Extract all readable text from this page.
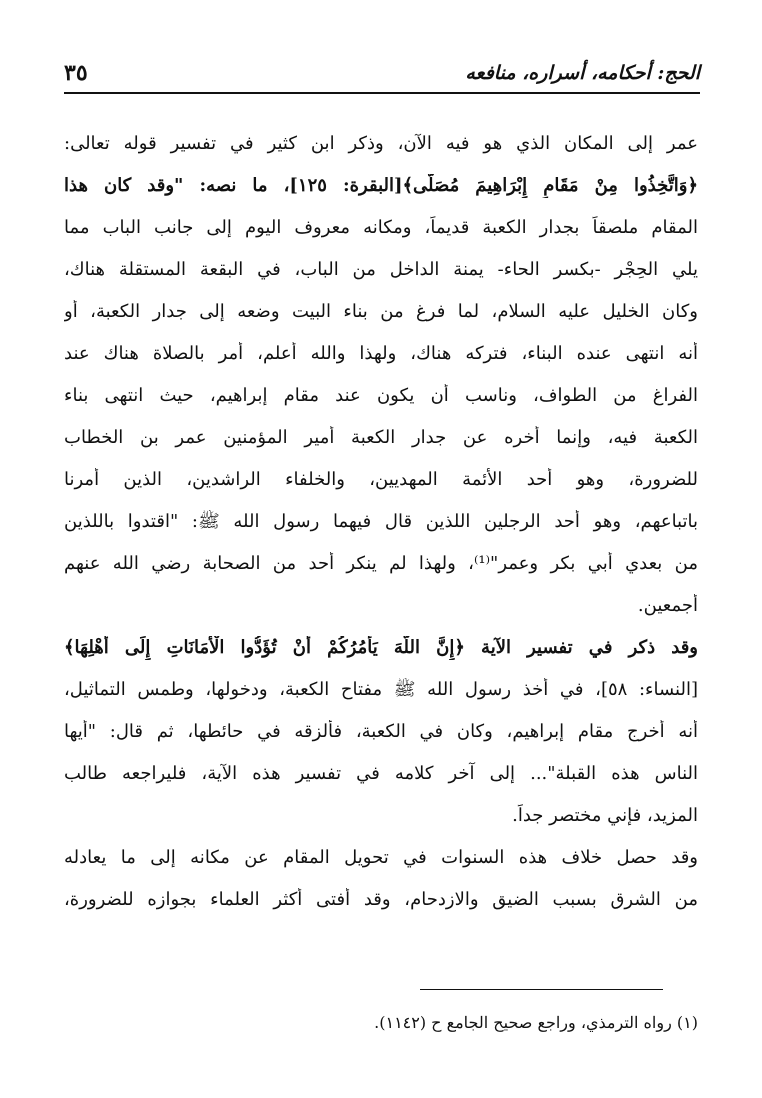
الحج: أحكامه، أسراره، منافعه
٣٥
عمر إلى المكان الذي هو فيه الآن، وذكر ابن كثير في تفسير قوله تعالى:
﴿وَاتَّخِذُوا مِنْ مَقَامِ إِبْرَاهِيمَ مُصَلًّى﴾[البقرة: ١٢٥]، ما نصه: "وقد كان هذا
المقام ملصقاً بجدار الكعبة قديماً، ومكانه معروف اليوم إلى جانب الباب مما
يلي الحِجْر -بكسر الحاء- يمنة الداخل من الباب، في البقعة المستقلة هناك،
وكان الخليل عليه السلام، لما فرغ من بناء البيت وضعه إلى جدار الكعبة، أو
أنه انتهى عنده البناء، فتركه هناك، ولهذا والله أعلم، أمر بالصلاة هناك عند
الفراغ من الطواف، وناسب أن يكون عند مقام إبراهيم، حيث انتهى بناء
الكعبة فيه، وإنما أخره عن جدار الكعبة أمير المؤمنين عمر بن الخطاب
للضرورة، وهو أحد الأئمة المهديين، والخلفاء الراشدين، الذين أمرنا
باتباعهم، وهو أحد الرجلين اللذين قال فيهما رسول الله ﷺ: "اقتدوا باللذين
من بعدي أبي بكر وعمر"⁽¹⁾، ولهذا لم ينكر أحد من الصحابة رضي الله عنهم
أجمعين.
وقد ذكر في تفسير الآية ﴿إِنَّ اللَّهَ يَأْمُرُكُمْ أَنْ تُؤَدُّوا الْأَمَانَاتِ إِلَى أَهْلِهَا﴾
[النساء: ٥٨]، في أخذ رسول الله ﷺ مفتاح الكعبة، ودخولها، وطمس التماثيل،
أنه أخرج مقام إبراهيم، وكان في الكعبة، فألزقه في حائطها، ثم قال: "أيها
الناس هذه القبلة"... إلى آخر كلامه في تفسير هذه الآية، فليراجعه طالب
المزيد، فإني مختصر جداً.
وقد حصل خلاف هذه السنوات في تحويل المقام عن مكانه إلى ما يعادله
من الشرق بسبب الضيق والازدحام، وقد أفتى أكثر العلماء بجوازه للضرورة،
(١) رواه الترمذي، وراجع صحيح الجامع ح (١١٤٢).
